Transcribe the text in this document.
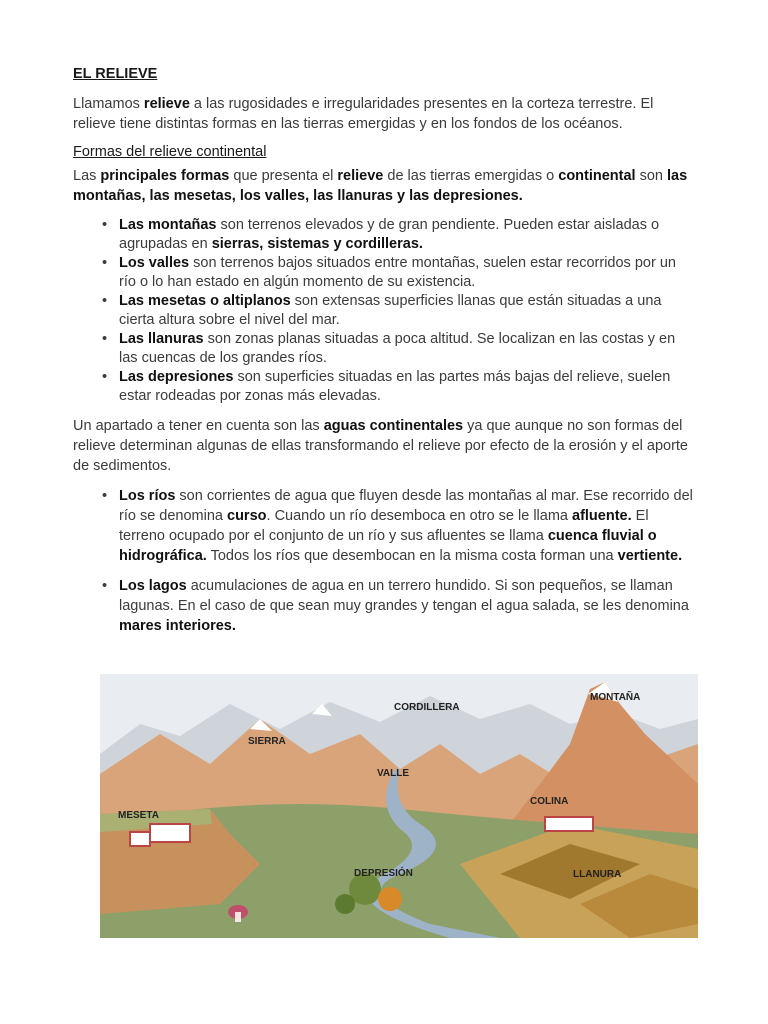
EL RELIEVE

Llamamos relieve a las rugosidades e irregularidades presentes en la corteza terrestre. El relieve tiene distintas formas en las tierras emergidas y en los fondos de los océanos.

Formas del relieve continental

Las principales formas que presenta el relieve de las tierras emergidas o continental son las montañas, las mesetas, los valles, las llanuras y las depresiones.

• Las montañas son terrenos elevados y de gran pendiente. Pueden estar aisladas o agrupadas en sierras, sistemas y cordilleras.
• Los valles son terrenos bajos situados entre montañas, suelen estar recorridos por un río o lo han estado en algún momento de su existencia.
• Las mesetas o altiplanos son extensas superficies llanas que están situadas a una cierta altura sobre el nivel del mar.
• Las llanuras son zonas planas situadas a poca altitud. Se localizan en las costas y en las cuencas de los grandes ríos.
• Las depresiones son superficies situadas en las partes más bajas del relieve, suelen estar rodeadas por zonas más elevadas.

Un apartado a tener en cuenta son las aguas continentales ya que aunque no son formas del relieve determinan algunas de ellas transformando el relieve por efecto de la erosión y el aporte de sedimentos.

• Los ríos son corrientes de agua que fluyen desde las montañas al mar. Ese recorrido del río se denomina curso. Cuando un río desemboca en otro se le llama afluente. El terreno ocupado por el conjunto de un río y sus afluentes se llama cuenca fluvial o hidrográfica. Todos los ríos que desembocan en la misma costa forman una vertiente.
• Los lagos acumulaciones de agua en un terrero hundido. Si son pequeños, se llaman lagunas. En el caso de que sean muy grandes y tengan el agua salada, se les denomina mares interiores.
CORDILLERA
MONTAÑA
SIERRA
VALLE
COLINA
MESETA
DEPRESIÓN	LLANURA
